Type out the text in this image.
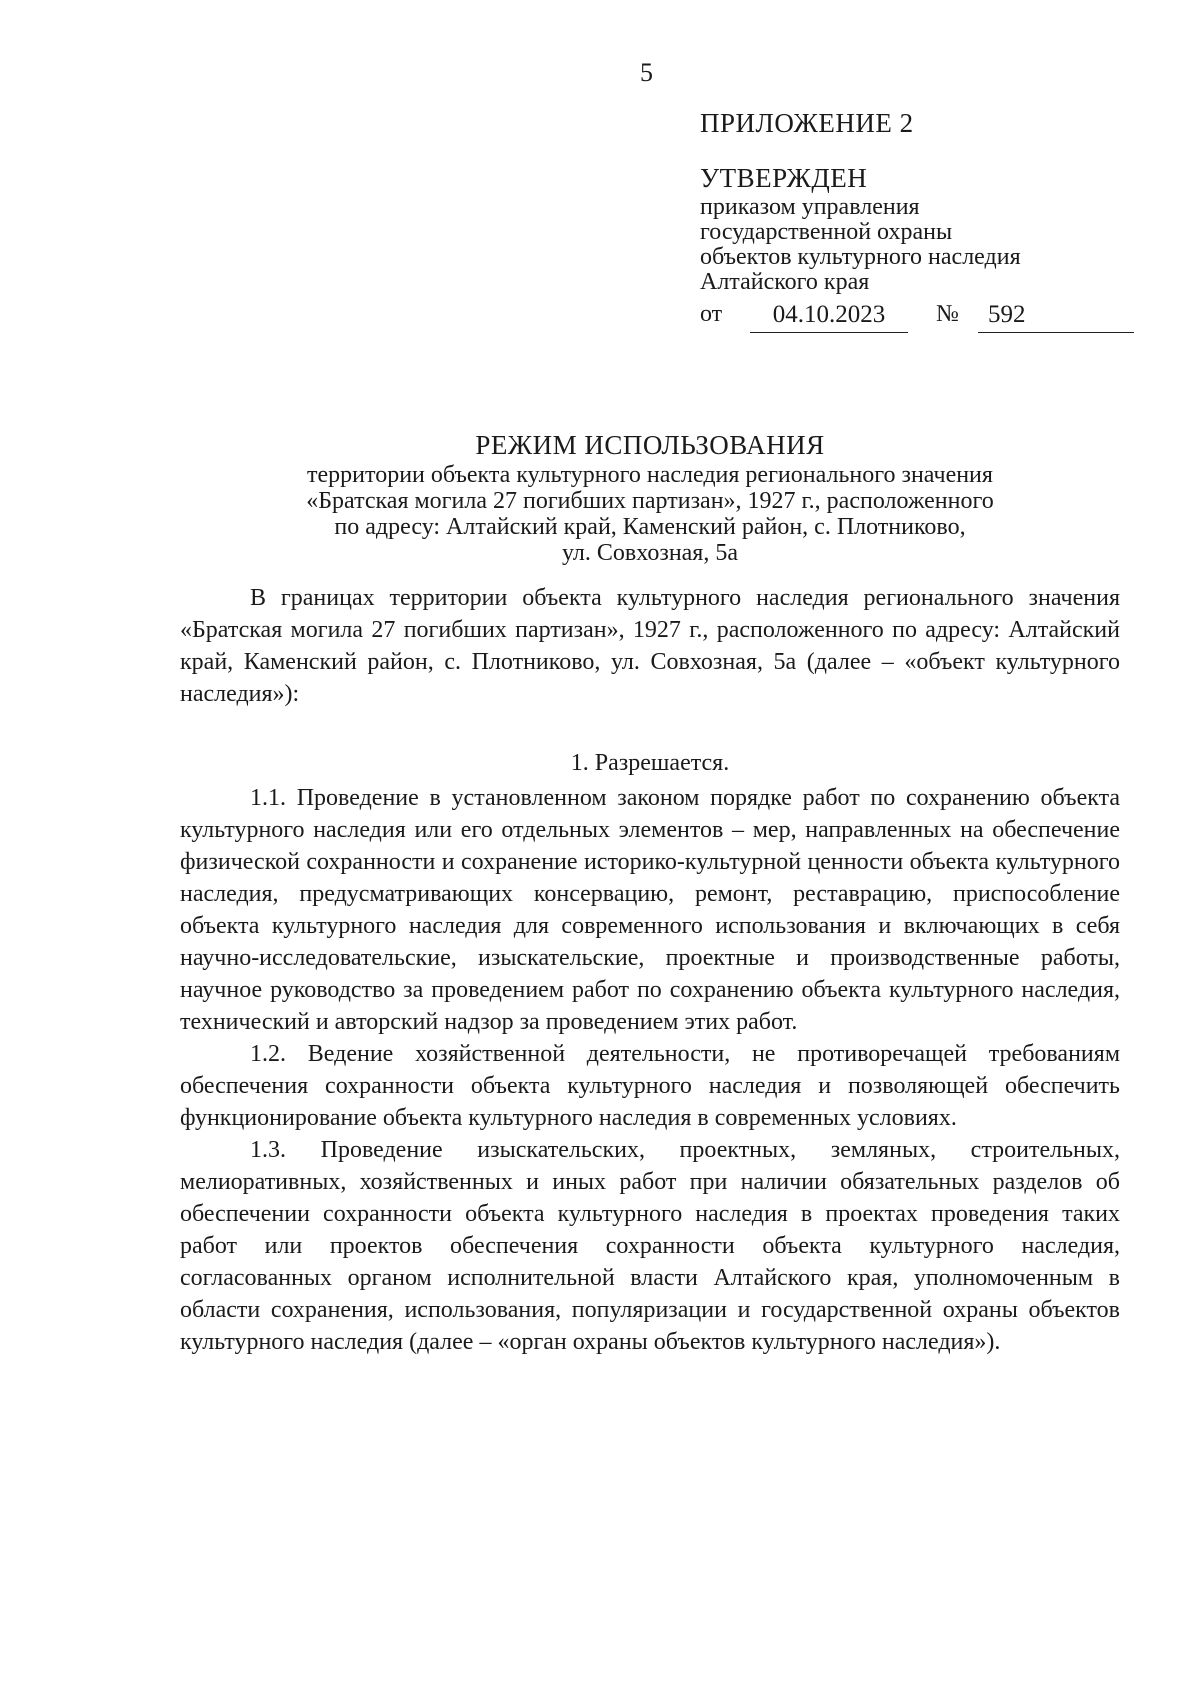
5
ПРИЛОЖЕНИЕ 2
УТВЕРЖДЕН
приказом управления
государственной охраны
объектов культурного наследия
Алтайского края
от	04.10.2023	№	592
РЕЖИМ ИСПОЛЬЗОВАНИЯ
территории объекта культурного наследия регионального значения
«Братская могила 27 погибших партизан», 1927 г., расположенного
по адресу: Алтайский край, Каменский район, с. Плотниково,
ул. Совхозная, 5а

В границах территории объекта культурного наследия регионального значения «Братская могила 27 погибших партизан», 1927 г., расположенного по адресу: Алтайский край, Каменский район, с. Плотниково, ул. Совхозная, 5а (далее – «объект культурного наследия»):

1. Разрешается.

1.1. Проведение в установленном законом порядке работ по сохранению объекта культурного наследия или его отдельных элементов – мер, направленных на обеспечение физической сохранности и сохранение историко-культурной ценности объекта культурного наследия, предусматривающих консервацию, ремонт, реставрацию, приспособление объекта культурного наследия для современного использования и включающих в себя научно-исследовательские, изыскательские, проектные и производственные работы, научное руководство за проведением работ по сохранению объекта культурного наследия, технический и авторский надзор за проведением этих работ.

1.2. Ведение хозяйственной деятельности, не противоречащей требованиям обеспечения сохранности объекта культурного наследия и позволяющей обеспечить функционирование объекта культурного наследия в современных условиях.

1.3. Проведение изыскательских, проектных, земляных, строительных, мелиоративных, хозяйственных и иных работ при наличии обязательных разделов об обеспечении сохранности объекта культурного наследия в проектах проведения таких работ или проектов обеспечения сохранности объекта культурного наследия, согласованных органом исполнительной власти Алтайского края, уполномоченным в области сохранения, использования, популяризации и государственной охраны объектов культурного наследия (далее – «орган охраны объектов культурного наследия»).
